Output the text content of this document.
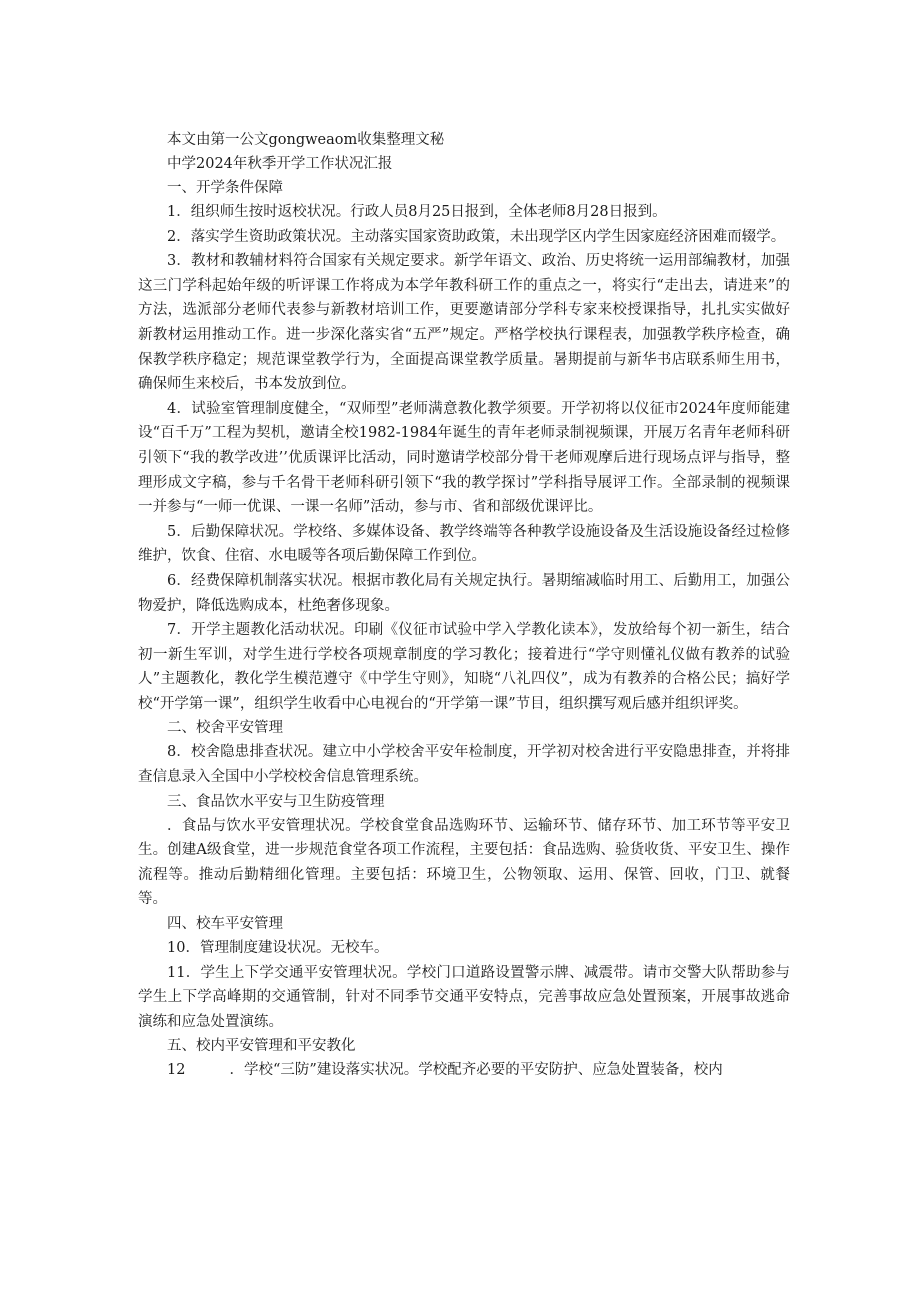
本文由第一公文gongweaom收集整理文秘
中学2024年秋季开学工作状况汇报
一、开学条件保障

1．组织师生按时返校状况。行政人员8月25日报到，全体老师8月28日报到。

2．落实学生资助政策状况。主动落实国家资助政策，未出现学区内学生因家庭经济困难而辍学。

3．教材和教辅材料符合国家有关规定要求。新学年语文、政治、历史将统一运用部编教材，加强这三门学科起始年级的听评课工作将成为本学年教科研工作的重点之一，将实行“走出去，请进来”的方法，选派部分老师代表参与新教材培训工作，更要邀请部分学科专家来校授课指导，扎扎实实做好新教材运用推动工作。进一步深化落实省“五严”规定。严格学校执行课程表，加强教学秩序检查，确保教学秩序稳定；规范课堂教学行为，全面提高课堂教学质量。暑期提前与新华书店联系师生用书，确保师生来校后，书本发放到位。

4．试验室管理制度健全，“双师型”老师满意教化教学须要。开学初将以仪征市2024年度师能建设“百千万”工程为契机，邀请全校1982-1984年诞生的青年老师录制视频课，开展万名青年老师科研引领下“我的教学改进’’优质课评比活动，同时邀请学校部分骨干老师观摩后进行现场点评与指导，整理形成文字稿，参与千名骨干老师科研引领下“我的教学探讨”学科指导展评工作。全部录制的视频课一并参与“一师一优课、一课一名师”活动，参与市、省和部级优课评比。

5．后勤保障状况。学校络、多媒体设备、教学终端等各种教学设施设备及生活设施设备经过检修维护，饮食、住宿、水电暖等各项后勤保障工作到位。

6．经费保障机制落实状况。根据市教化局有关规定执行。暑期缩减临时用工、后勤用工，加强公物爱护，降低选购成本，杜绝奢侈现象。

7．开学主题教化活动状况。印刷《仪征市试验中学入学教化读本》，发放给每个初一新生，结合初一新生军训，对学生进行学校各项规章制度的学习教化；接着进行“学守则懂礼仪做有教养的试验人”主题教化，教化学生模范遵守《中学生守则》，知晓“八礼四仪”，成为有教养的合格公民；搞好学校“开学第一课”，组织学生收看中心电视台的“开学第一课”节目，组织撰写观后感并组织评奖。

二、校舍平安管理

8．校舍隐患排查状况。建立中小学校舍平安年检制度，开学初对校舍进行平安隐患排查，并将排查信息录入全国中小学校校舍信息管理系统。

三、食品饮水平安与卫生防疫管理

．食品与饮水平安管理状况。学校食堂食品选购环节、运输环节、储存环节、加工环节等平安卫生。创建A级食堂，进一步规范食堂各项工作流程，主要包括：食品选购、验货收货、平安卫生、操作流程等。推动后勤精细化管理。主要包括：环境卫生，公物领取、运用、保管、回收，门卫、就餐等。

四、校车平安管理

10．管理制度建设状况。无校车。

11．学生上下学交通平安管理状况。学校门口道路设置警示牌、减震带。请市交警大队帮助参与学生上下学高峰期的交通管制，针对不同季节交通平安特点，完善事故应急处置预案，开展事故逃命演练和应急处置演练。

五、校内平安管理和平安教化

12	．学校“三防”建设落实状况。学校配齐必要的平安防护、应急处置装备，校内
